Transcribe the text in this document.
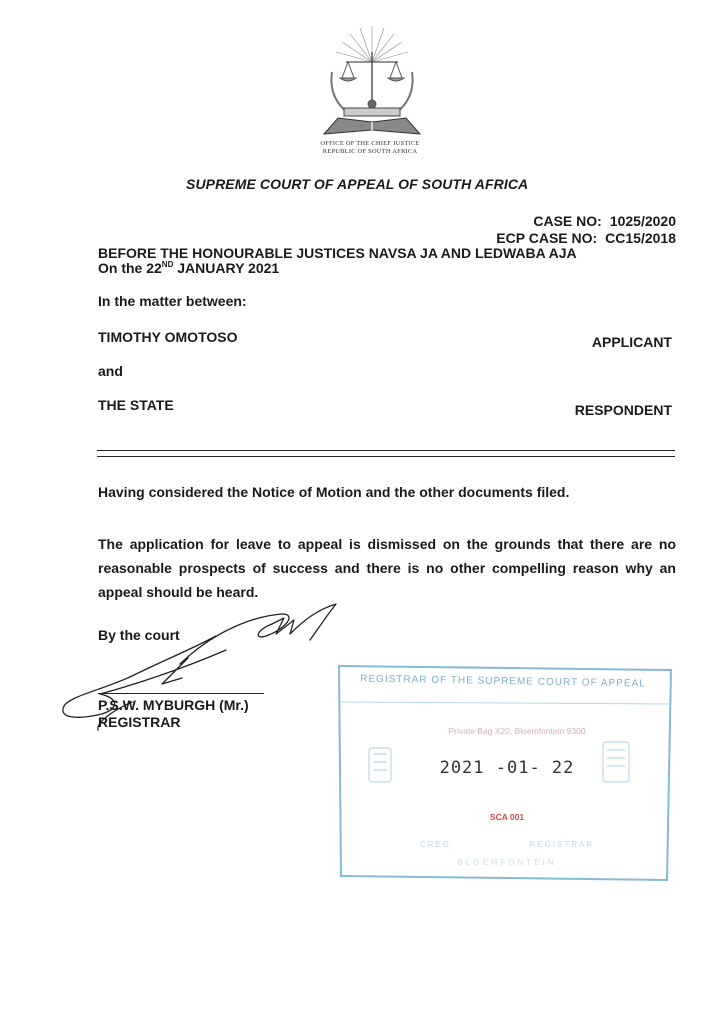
OFFICE OF THE CHIEF JUSTICE
REPUBLIC OF SOUTH AFRICA
SUPREME COURT OF APPEAL OF SOUTH AFRICA
CASE NO: 1025/2020
ECP CASE NO: CC15/2018
BEFORE THE HONOURABLE JUSTICES NAVSA JA AND LEDWABA AJA
On the 22ND JANUARY 2021
In the matter between:
TIMOTHY OMOTOSO	APPLICANT
and
THE STATE	RESPONDENT
Having considered the Notice of Motion and the other documents filed.
The application for leave to appeal is dismissed on the grounds that there are no reasonable prospects of success and there is no other compelling reason why an appeal should be heard.
By the court
P.S.W. MYBURGH (Mr.)
REGISTRAR
REGISTRAR OF THE SUPREME COURT OF APPEAL
Private Bag X20, Bloemfontein 9300
2021 -01- 22
SCA 001
CREG	REGISTRAR
BLOEMFONTEIN
